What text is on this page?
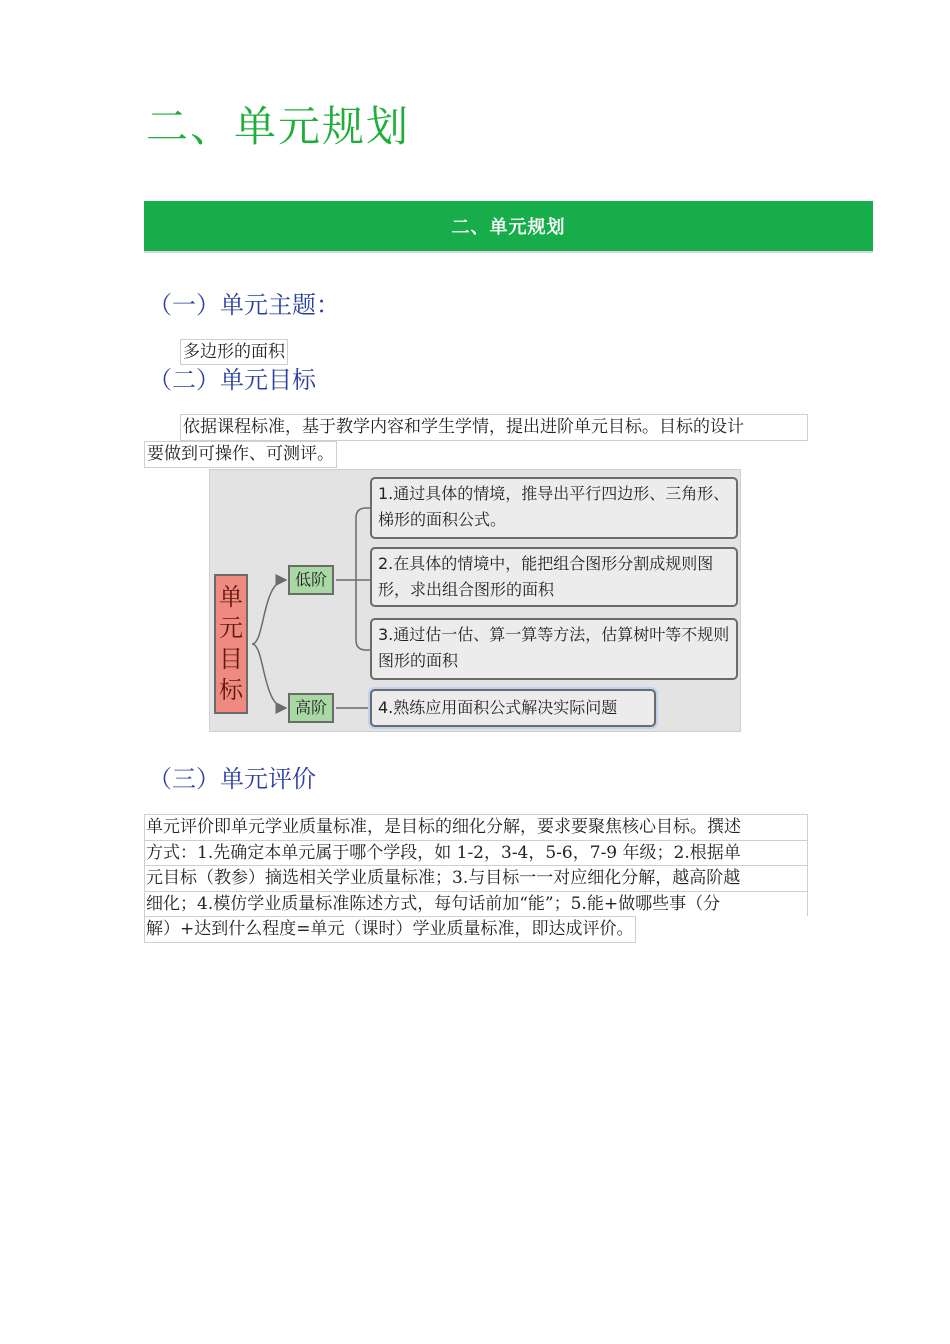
二、单元规划
二、单元规划
（一）单元主题：
多边形的面积
（二）单元目标
依据课程标准，基于教学内容和学生学情，提出进阶单元目标。目标的设计
要做到可操作、可测评。
单元目标
低阶
高阶
1.通过具体的情境，推导出平行四边形、三角形、梯形的面积公式。
2.在具体的情境中，能把组合图形分割成规则图形，求出组合图形的面积
3.通过估一估、算一算等方法，估算树叶等不规则图形的面积
4.熟练应用面积公式解决实际问题
（三）单元评价
单元评价即单元学业质量标准，是目标的细化分解，要求要聚焦核心目标。撰述
方式：1.先确定本单元属于哪个学段，如 1-2，3-4，5-6，7-9 年级；2.根据单
元目标（教参）摘选相关学业质量标准；3.与目标一一对应细化分解，越高阶越
细化；4.模仿学业质量标准陈述方式，每句话前加“能”；5.能+做哪些事（分
解）+达到什么程度=单元（课时）学业质量标准，即达成评价。
